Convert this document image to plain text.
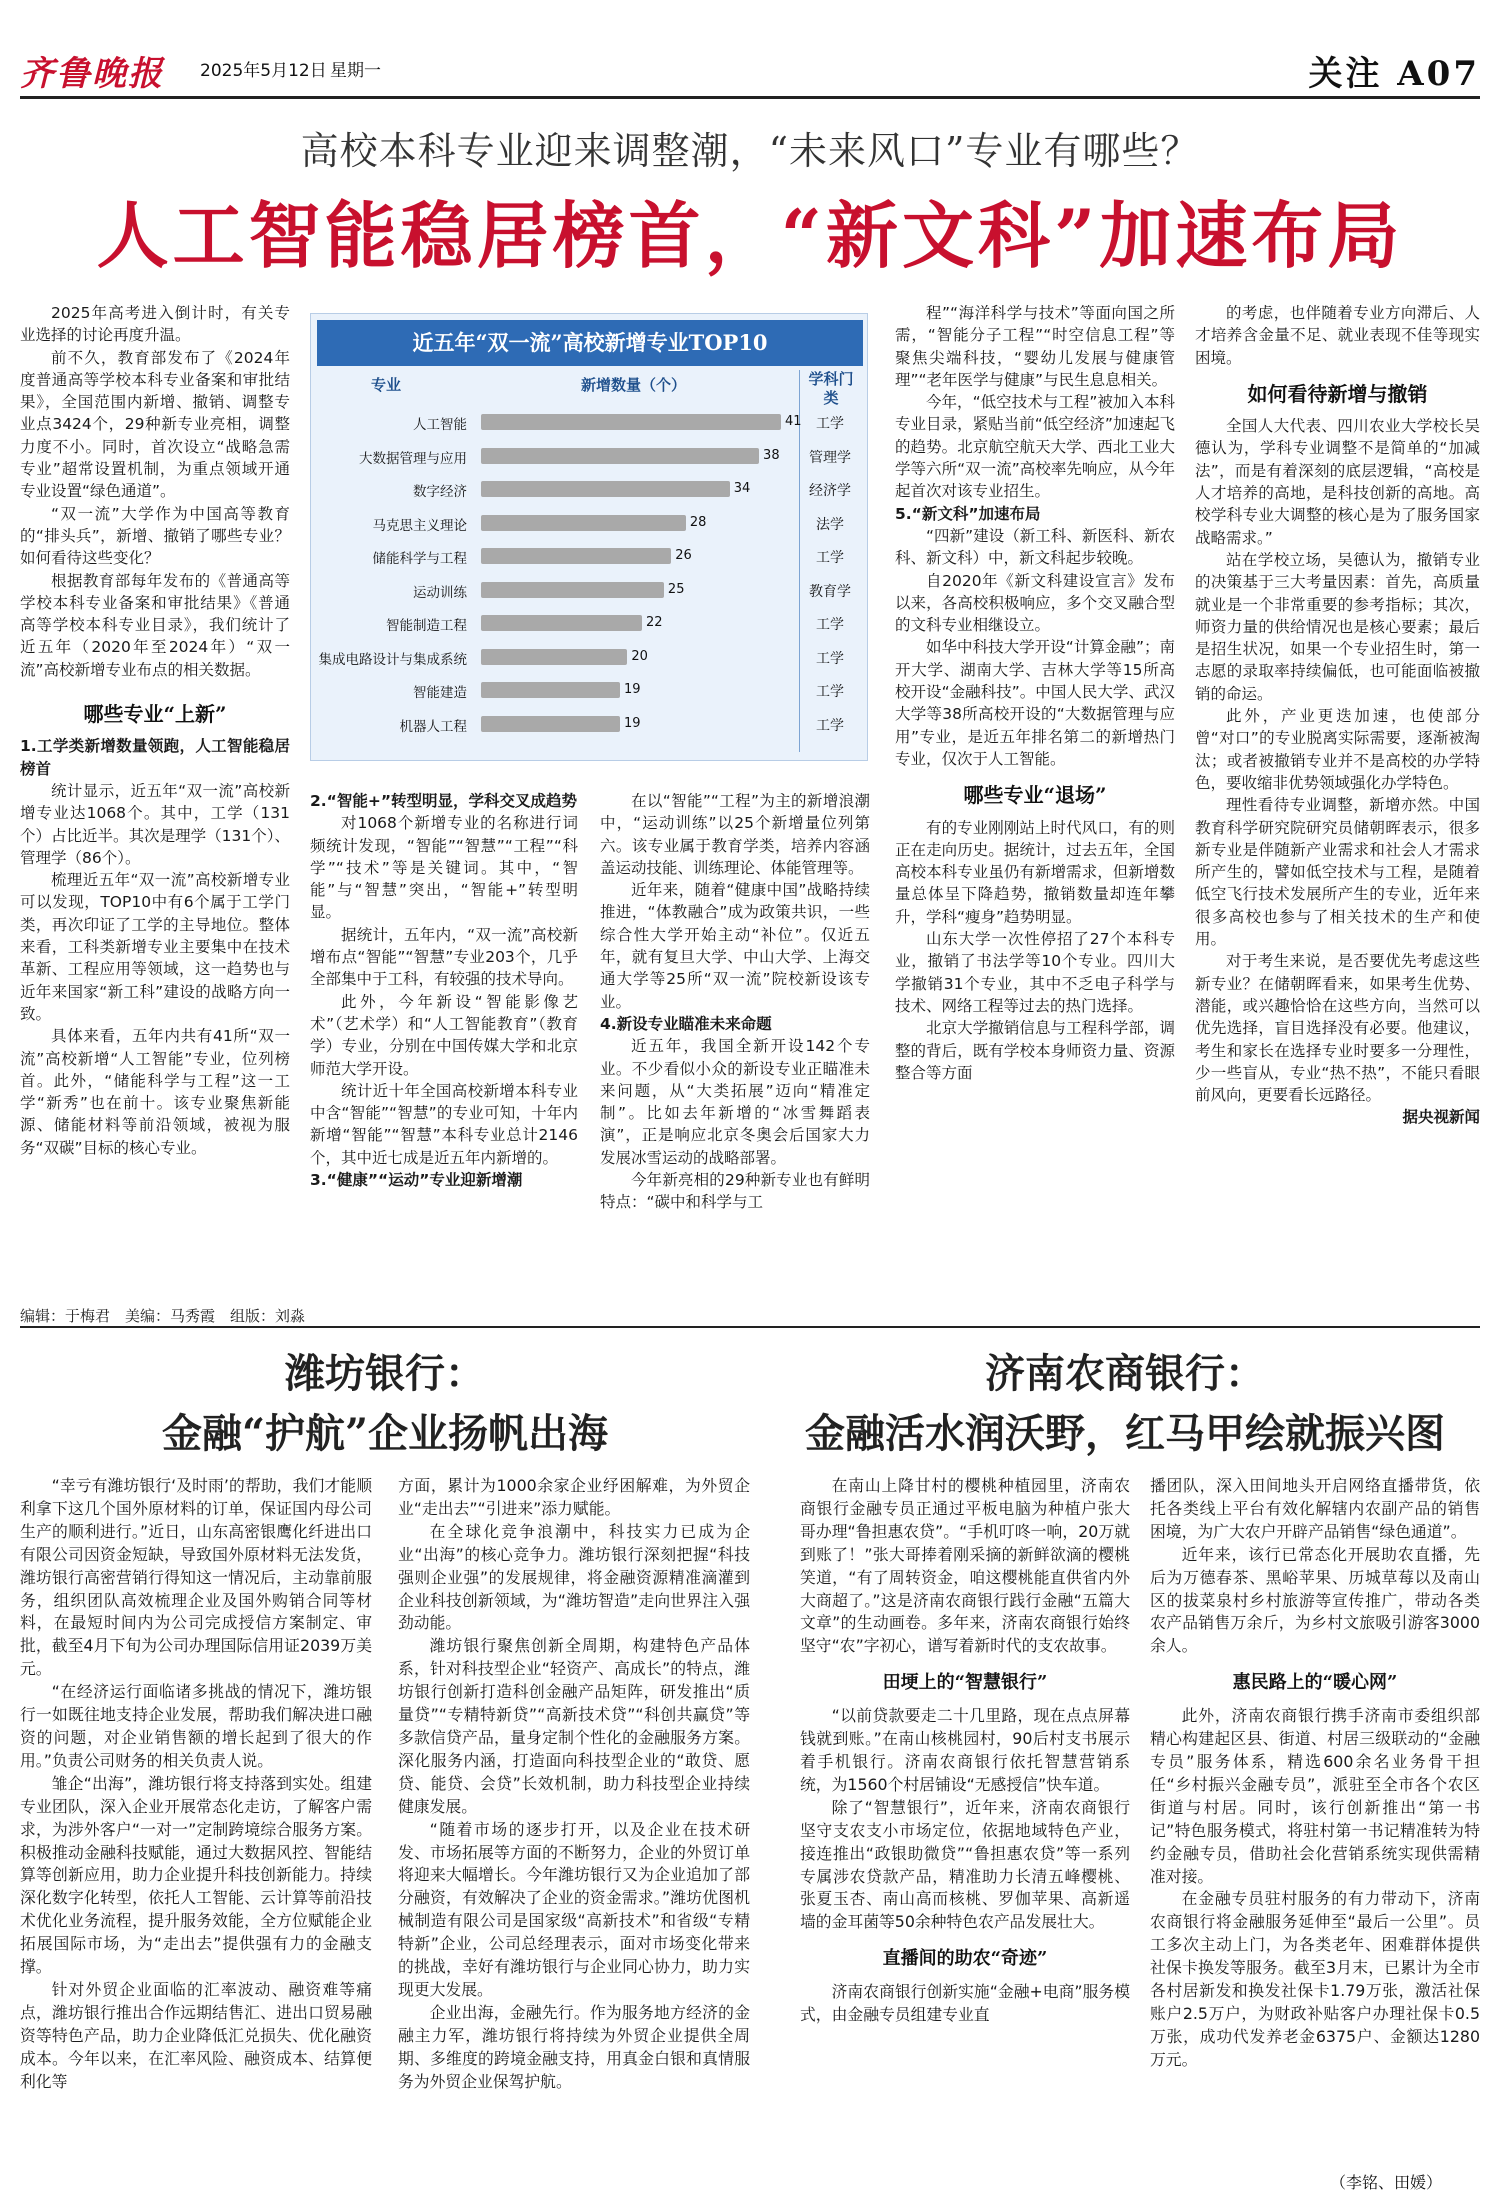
齐鲁晚报 2025年5月12日 星期一	关注 A07
高校本科专业迎来调整潮，“未来风口”专业有哪些？
人工智能稳居榜首，“新文科”加速布局

2025年高考进入倒计时，有关专业选择的讨论再度升温。

前不久，教育部发布了《2024年度普通高等学校本科专业备案和审批结果》，全国范围内新增、撤销、调整专业点3424个，29种新专业亮相，调整力度不小。同时，首次设立“战略急需专业”超常设置机制，为重点领域开通专业设置“绿色通道”。

“双一流”大学作为中国高等教育的“排头兵”，新增、撤销了哪些专业？如何看待这些变化？

根据教育部每年发布的《普通高等学校本科专业备案和审批结果》《普通高等学校本科专业目录》，我们统计了近五年（2020年至2024年）“双一流”高校新增专业布点的相关数据。

哪些专业“上新”

1.工学类新增数量领跑，人工智能稳居榜首

统计显示，近五年“双一流”高校新增专业达1068个。其中，工学（131个）占比近半。其次是理学（131个）、管理学（86个）。

梳理近五年“双一流”高校新增专业可以发现，TOP10中有6个属于工学门类，再次印证了工学的主导地位。整体来看，工科类新增专业主要集中在技术革新、工程应用等领域，这一趋势也与近年来国家“新工科”建设的战略方向一致。

具体来看，五年内共有41所“双一流”高校新增“人工智能”专业，位列榜首。此外，“储能科学与工程”这一工学“新秀”也在前十。该专业聚焦新能源、储能材料等前沿领域，被视为服务“双碳”目标的核心专业。

近五年“双一流”高校新增专业TOP10
专业	新增数量（个）	学科门类
人工智能	41	工学
大数据管理与应用	38	管理学
数字经济	34	经济学
马克思主义理论	28	法学
储能科学与工程	26	工学
运动训练	25	教育学
智能制造工程	22	工学
集成电路设计与集成系统	20	工学
智能建造	19	工学
机器人工程	19	工学

2.“智能+”转型明显，学科交叉成趋势

对1068个新增专业的名称进行词频统计发现，“智能”“智慧”“工程”“科学”“技术”等是关键词。其中，“智能”与“智慧”突出，“智能+”转型明显。

据统计，五年内，“双一流”高校新增布点“智能”“智慧”专业203个，几乎全部集中于工科，有较强的技术导向。

此外，今年新设“智能影像艺术”（艺术学）和“人工智能教育”（教育学）专业，分别在中国传媒大学和北京师范大学开设。

统计近十年全国高校新增本科专业中含“智能”“智慧”的专业可知，十年内新增“智能”“智慧”本科专业总计2146个，其中近七成是近五年内新增的。

3.“健康”“运动”专业迎新增潮

在以“智能”“工程”为主的新增浪潮中，“运动训练”以25个新增量位列第六。该专业属于教育学类，培养内容涵盖运动技能、训练理论、体能管理等。

近年来，随着“健康中国”战略持续推进，“体教融合”成为政策共识，一些综合性大学开始主动“补位”。仅近五年，就有复旦大学、中山大学、上海交通大学等25所“双一流”院校新设该专业。

4.新设专业瞄准未来命题

近五年，我国全新开设142个专业。不少看似小众的新设专业正瞄准未来问题，从“大类拓展”迈向“精准定制”。比如去年新增的“冰雪舞蹈表演”，正是响应北京冬奥会后国家大力发展冰雪运动的战略部署。

今年新亮相的29种新专业也有鲜明特点：“碳中和科学与工

程”“海洋科学与技术”等面向国之所需，“智能分子工程”“时空信息工程”等聚焦尖端科技，“婴幼儿发展与健康管理”“老年医学与健康”与民生息息相关。

今年，“低空技术与工程”被加入本科专业目录，紧贴当前“低空经济”加速起飞的趋势。北京航空航天大学、西北工业大学等六所“双一流”高校率先响应，从今年起首次对该专业招生。

5.“新文科”加速布局

“四新”建设（新工科、新医科、新农科、新文科）中，新文科起步较晚。

自2020年《新文科建设宣言》发布以来，各高校积极响应，多个交叉融合型的文科专业相继设立。

如华中科技大学开设“计算金融”；南开大学、湖南大学、吉林大学等15所高校开设“金融科技”。中国人民大学、武汉大学等38所高校开设的“大数据管理与应用”专业，是近五年排名第二的新增热门专业，仅次于人工智能。

哪些专业“退场”

有的专业刚刚站上时代风口，有的则正在走向历史。据统计，过去五年，全国高校本科专业虽仍有新增需求，但新增数量总体呈下降趋势，撤销数量却连年攀升，学科“瘦身”趋势明显。

山东大学一次性停招了27个本科专业，撤销了书法学等10个专业。四川大学撤销31个专业，其中不乏电子科学与技术、网络工程等过去的热门选择。

北京大学撤销信息与工程科学部，调整的背后，既有学校本身师资力量、资源整合等方面

的考虑，也伴随着专业方向滞后、人才培养含金量不足、就业表现不佳等现实困境。

如何看待新增与撤销

全国人大代表、四川农业大学校长吴德认为，学科专业调整不是简单的“加减法”，而是有着深刻的底层逻辑，“高校是人才培养的高地，是科技创新的高地。高校学科专业大调整的核心是为了服务国家战略需求。”

站在学校立场，吴德认为，撤销专业的决策基于三大考量因素：首先，高质量就业是一个非常重要的参考指标；其次，师资力量的供给情况也是核心要素；最后是招生状况，如果一个专业招生时，第一志愿的录取率持续偏低，也可能面临被撤销的命运。

此外，产业更迭加速，也使部分曾“对口”的专业脱离实际需要，逐渐被淘汰；或者被撤销专业并不是高校的办学特色，要收缩非优势领域强化办学特色。

理性看待专业调整，新增亦然。中国教育科学研究院研究员储朝晖表示，很多新专业是伴随新产业需求和社会人才需求所产生的，譬如低空技术与工程，是随着低空飞行技术发展所产生的专业，近年来很多高校也参与了相关技术的生产和使用。

对于考生来说，是否要优先考虑这些新专业？在储朝晖看来，如果考生优势、潜能，或兴趣恰恰在这些方向，当然可以优先选择，盲目选择没有必要。他建议，考生和家长在选择专业时要多一分理性，少一些盲从，专业“热不热”，不能只看眼前风向，更要看长远路径。

据央视新闻

编辑：于梅君　美编：马秀霞　组版：刘淼
潍坊银行：
金融“护航”企业扬帆出海

“幸亏有潍坊银行‘及时雨’的帮助，我们才能顺利拿下这几个国外原材料的订单，保证国内母公司生产的顺利进行。”近日，山东高密银鹰化纤进出口有限公司因资金短缺，导致国外原材料无法发货，潍坊银行高密营销行得知这一情况后，主动靠前服务，组织团队高效梳理企业及国外购销合同等材料，在最短时间内为公司完成授信方案制定、审批，截至4月下旬为公司办理国际信用证2039万美元。

“在经济运行面临诸多挑战的情况下，潍坊银行一如既往地支持企业发展，帮助我们解决进口融资的问题，对企业销售额的增长起到了很大的作用。”负责公司财务的相关负责人说。

雏企“出海”，潍坊银行将支持落到实处。组建专业团队，深入企业开展常态化走访，了解客户需求，为涉外客户“一对一”定制跨境综合服务方案。积极推动金融科技赋能，通过大数据风控、智能结算等创新应用，助力企业提升科技创新能力。持续深化数字化转型，依托人工智能、云计算等前沿技术优化业务流程，提升服务效能，全方位赋能企业拓展国际市场，为“走出去”提供强有力的金融支撑。

针对外贸企业面临的汇率波动、融资难等痛点，潍坊银行推出合作远期结售汇、进出口贸易融资等特色产品，助力企业降低汇兑损失、优化融资成本。今年以来，在汇率风险、融资成本、结算便利化等

方面，累计为1000余家企业纾困解难，为外贸企业“走出去”“引进来”添力赋能。

在全球化竞争浪潮中，科技实力已成为企业“出海”的核心竞争力。潍坊银行深刻把握“科技强则企业强”的发展规律，将金融资源精准滴灌到企业科技创新领域，为“潍坊智造”走向世界注入强劲动能。

潍坊银行聚焦创新全周期，构建特色产品体系，针对科技型企业“轻资产、高成长”的特点，潍坊银行创新打造科创金融产品矩阵，研发推出“质量贷”“专精特新贷”“高新技术贷”“科创共赢贷”等多款信贷产品，量身定制个性化的金融服务方案。深化服务内涵，打造面向科技型企业的“敢贷、愿贷、能贷、会贷”长效机制，助力科技型企业持续健康发展。

“随着市场的逐步打开，以及企业在技术研发、市场拓展等方面的不断努力，企业的外贸订单将迎来大幅增长。今年潍坊银行又为企业追加了部分融资，有效解决了企业的资金需求。”潍坊优图机械制造有限公司是国家级“高新技术”和省级“专精特新”企业，公司总经理表示，面对市场变化带来的挑战，幸好有潍坊银行与企业同心协力，助力实现更大发展。

企业出海，金融先行。作为服务地方经济的金融主力军，潍坊银行将持续为外贸企业提供全周期、多维度的跨境金融支持，用真金白银和真情服务为外贸企业保驾护航。

济南农商银行：
金融活水润沃野，红马甲绘就振兴图

在南山上降甘村的樱桃种植园里，济南农商银行金融专员正通过平板电脑为种植户张大哥办理“鲁担惠农贷”。“手机叮咚一响，20万就到账了！”张大哥捧着刚采摘的新鲜欲滴的樱桃笑道，“有了周转资金，咱这樱桃能直供省内外大商超了。”这是济南农商银行践行金融“五篇大文章”的生动画卷。多年来，济南农商银行始终坚守“农”字初心，谱写着新时代的支农故事。

田埂上的“智慧银行”

“以前贷款要走二十几里路，现在点点屏幕钱就到账。”在南山核桃园村，90后村支书展示着手机银行。济南农商银行依托智慧营销系统，为1560个村居铺设“无感授信”快车道。

除了“智慧银行”，近年来，济南农商银行坚守支农支小市场定位，依据地域特色产业，接连推出“政银助微贷”“鲁担惠农贷”等一系列专属涉农贷款产品，精准助力长清五峰樱桃、张夏玉杏、南山高而核桃、罗伽苹果、高新遥墙的金耳菌等50余种特色农产品发展壮大。

直播间的助农“奇迹”

济南农商银行创新实施“金融+电商”服务模式，由金融专员组建专业直

播团队，深入田间地头开启网络直播带货，依托各类线上平台有效化解辖内农副产品的销售困境，为广大农户开辟产品销售“绿色通道”。

近年来，该行已常态化开展助农直播，先后为万德春茶、黑峪苹果、历城草莓以及南山区的拔菜泉村乡村旅游等宣传推广，带动各类农产品销售万余斤，为乡村文旅吸引游客3000余人。

惠民路上的“暖心网”

此外，济南农商银行携手济南市委组织部精心构建起区县、街道、村居三级联动的“金融专员”服务体系，精选600余名业务骨干担任“乡村振兴金融专员”，派驻至全市各个农区街道与村居。同时，该行创新推出“第一书记”特色服务模式，将驻村第一书记精准转为特约金融专员，借助社会化营销系统实现供需精准对接。

在金融专员驻村服务的有力带动下，济南农商银行将金融服务延伸至“最后一公里”。员工多次主动上门，为各类老年、困难群体提供社保卡换发等服务。截至3月末，已累计为全市各村居新发和换发社保卡1.79万张，激活社保账户2.5万户，为财政补贴客户办理社保卡0.5万张，成功代发养老金6375户、金额达1280万元。

（李铭、田媛）
